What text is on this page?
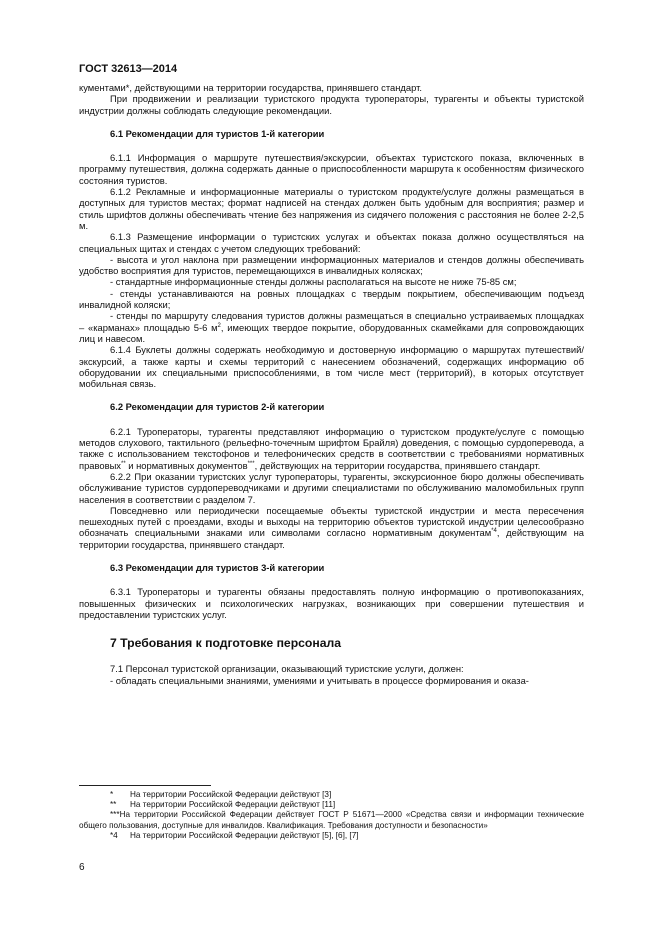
ГОСТ 32613—2014

кументами*, действующими на территории государства, принявшего стандарт.

При продвижении и реализации туристского продукта туроператоры, турагенты и объекты туристской индустрии должны соблюдать следующие рекомендации.

6.1 Рекомендации для туристов 1-й категории

6.1.1 Информация о маршруте путешествия/экскурсии, объектах туристского показа, включенных в программу путешествия, должна содержать данные о приспособленности маршрута к особенностям физического состояния туристов.

6.1.2 Рекламные и информационные материалы о туристском продукте/услуге должны размещаться в доступных для туристов местах; формат надписей на стендах должен быть удобным для восприятия; размер и стиль шрифтов должны обеспечивать чтение без напряжения из сидячего положения с расстояния не более 2-2,5 м.

6.1.3 Размещение информации о туристских услугах и объектах показа должно осуществляться на специальных щитах и стендах с учетом следующих требований:

- высота и угол наклона при размещении информационных материалов и стендов должны обеспечивать удобство восприятия для туристов, перемещающихся в инвалидных колясках;

- стандартные информационные стенды должны располагаться на высоте не ниже 75-85 см;

- стенды устанавливаются на ровных площадках с твердым покрытием, обеспечивающим подъезд инвалидной коляски;

- стенды по маршруту следования туристов должны размещаться в специально устраиваемых площадках – «карманах» площадью 5-6 $м^2$, имеющих твердое покрытие, оборудованных скамейками для сопровождающих лиц и навесом.

6.1.4 Буклеты должны содержать необходимую и достоверную информацию о маршрутах путешествий/экскурсий, а также карты и схемы территорий с нанесением обозначений, содержащих информацию об оборудовании их специальными приспособлениями, в том числе мест (территорий), в которых отсутствует мобильная связь.

6.2 Рекомендации для туристов 2-й категории

6.2.1 Туроператоры, турагенты представляют информацию о туристском продукте/услуге с помощью методов слухового, тактильного (рельефно-точечным шрифтом Брайля) доведения, с помощью сурдоперевода, а также с использованием текстофонов и телефонических средств в соответствии с требованиями нормативных правовых** и нормативных документов***, действующих на территории государства, принявшего стандарт.

6.2.2 При оказании туристских услуг туроператоры, турагенты, экскурсионное бюро должны обеспечивать обслуживание туристов сурдопереводчиками и другими специалистами по обслуживанию маломобильных групп населения в соответствии с разделом 7.

Повседневно или периодически посещаемые объекты туристской индустрии и места пересечения пешеходных путей с проездами, входы и выходы на территорию объектов туристской индустрии целесообразно обозначать специальными знаками или символами согласно нормативным документам$^{*4}$, действующим на территории государства, принявшего стандарт.

6.3 Рекомендации для туристов 3-й категории

6.3.1 Туроператоры и турагенты обязаны предоставлять полную информацию о противопоказаниях, повышенных физических и психологических нагрузках, возникающих при совершении путешествия и предоставлении туристских услуг.

7 Требования к подготовке персонала

7.1 Персонал туристской организации, оказывающий туристские услуги, должен:

- обладать специальными знаниями, умениями и учитывать в процессе формирования и оказа-

* На территории Российской Федерации действуют [3]

** На территории Российской Федерации действуют [11]

***На территории Российской Федерации действует ГОСТ Р 51671—2000 «Средства связи и информации технические общего пользования, доступные для инвалидов. Квалификация. Требования доступности и безопасности»

*4 На территории Российской Федерации действуют [5], [6], [7]

6
